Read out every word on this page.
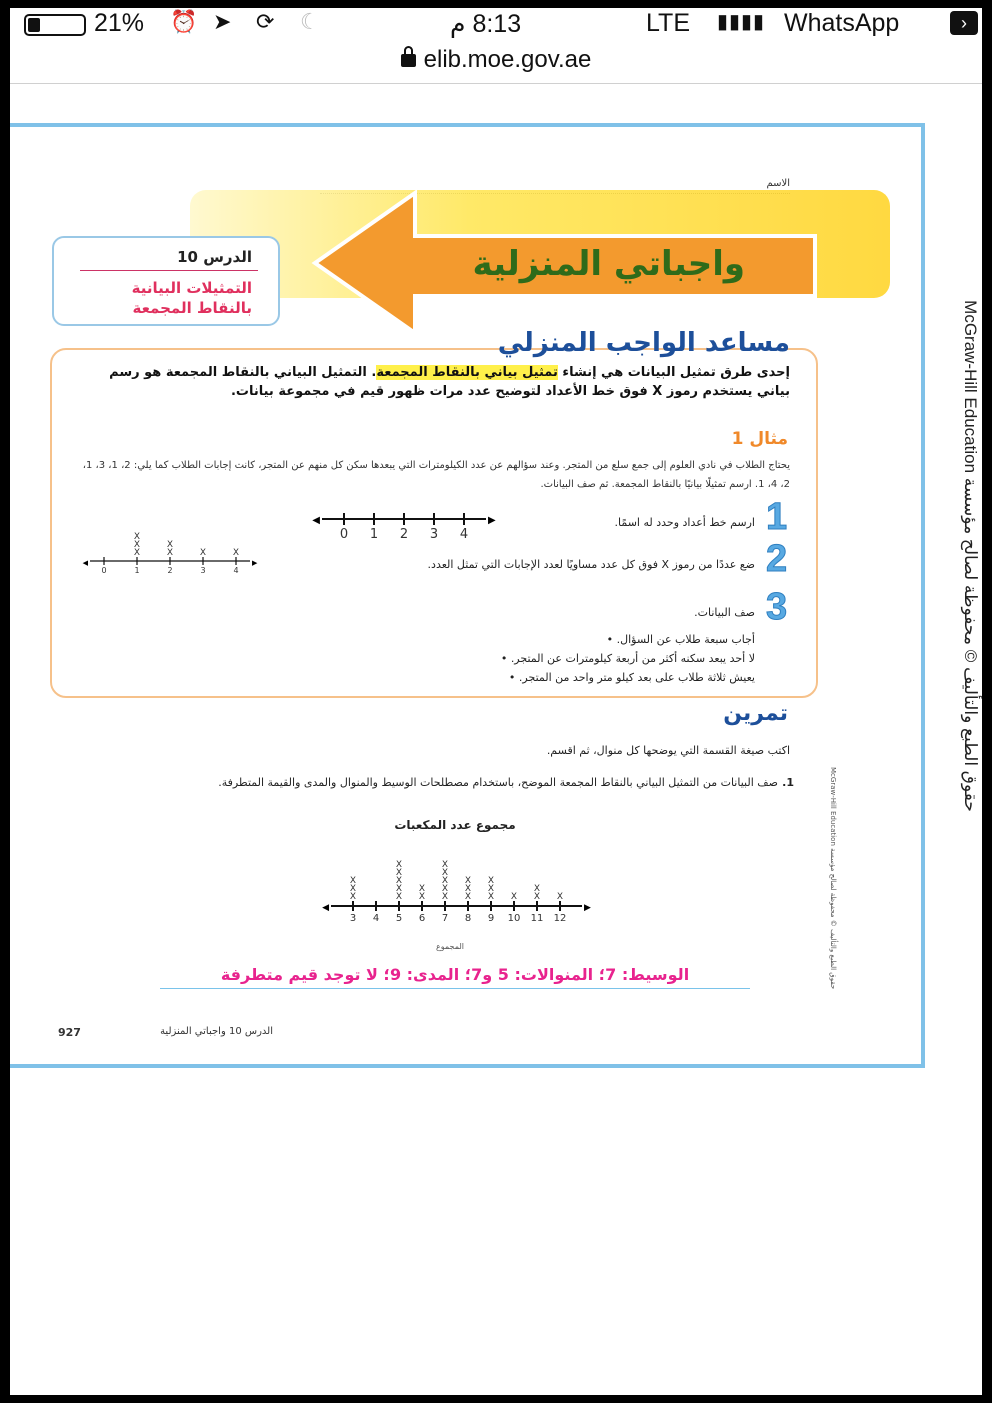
21% ⏰ ➤ ⟳ ☾	8:13 م	LTE ▮▮▮▮ WhatsApp	›
elib.moe.gov.ae
حقوق الطبع والتأليف © محفوظة لصالح مؤسسة McGraw-Hill Education
McGraw-Hill Education حقوق الطبع والتأليف © محفوظة لصالح مؤسسة
الاسم
واجباتي المنزلية
الدرس 10
التمثيلات البيانية بالنقاط المجمعة
مساعد الواجب المنزلي
إحدى طرق تمثيل البيانات هي إنشاء تمثيل بياني بالنقاط المجمعة. التمثيل البياني بالنقاط المجمعة هو رسم بياني يستخدم رموز X فوق خط الأعداد لتوضيح عدد مرات ظهور قيم في مجموعة بيانات.
مثال 1
يحتاج الطلاب في نادي العلوم إلى جمع سلع من المتجر. وعند سؤالهم عن عدد الكيلومترات التي يبعدها سكن كل منهم عن المتجر، كانت إجابات الطلاب كما يلي: 2، 1، 3، 1، 2، 4، 1. ارسم تمثيلًا بيانيًا بالنقاط المجمعة. ثم صف البيانات.
1
ارسم خط أعداد وحدد له اسمًا.
2
ضع عددًا من رموز X فوق كل عدد مساويًا لعدد الإجابات التي تمثل العدد.
3
صف البيانات.
أجاب سبعة طلاب عن السؤال. •
لا أحد يبعد سكنه أكثر من أربعة كيلومترات عن المتجر. •
يعيش ثلاثة طلاب على بعد كيلو متر واحد من المتجر. •
◀	▶
0 1 2 3 4
◀	▶
0	1
X
X
X
2
X
X
3
X
4
X
تمرين
اكتب صيغة القسمة التي يوضحها كل منوال، ثم اقسم.
1.
صف البيانات من التمثيل البياني بالنقاط المجمعة الموضح، باستخدام مصطلحات الوسيط والمنوال والمدى والقيمة المتطرفة.
مجموع عدد المكعبات
◀	▶
3
X
X
X
4 5
X
X
X
X
X
6
X
X
7
X
X
X
X
X
8
X
X
X
9
X
X
X
10
X
11
X
X
12
X
المجموع
الوسيط: 7؛ المنوالات: 5 و7؛ المدى: 9؛ لا توجد قيم متطرفة
927	الدرس 10 واجباتي المنزلية
